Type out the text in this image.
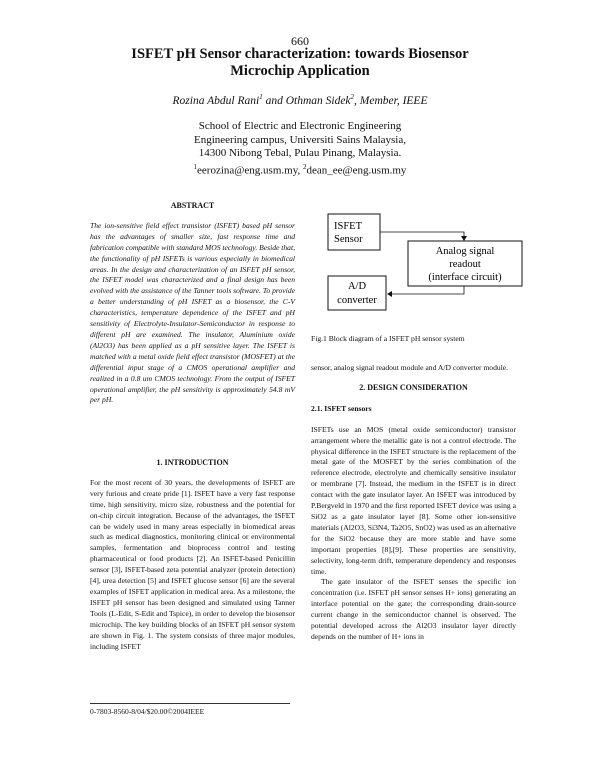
660
ISFET pH Sensor characterization: towards Biosensor Microchip Application
Rozina Abdul Rani$^1$ and Othman Sidek$^2$, Member, IEEE
School of Electric and Electronic Engineering
Engineering campus, Universiti Sains Malaysia,
14300 Nibong Tebal, Pulau Pinang, Malaysia.
$^1$eerozina@eng.usm.my, $^2$dean_ee@eng.usm.my
ABSTRACT

The ion-sensitive field effect transistor (ISFET) based pH sensor has the advantages of smaller size, fast response time and fabrication compatible with standard MOS technology. Beside that, the functionality of pH ISFETs is various especially in biomedical areas. In the design and characterization of an ISFET pH sensor, the ISFET model was characterized and a final design has been evolved with the assistance of the Tanner tools software. To provide a better understanding of pH ISFET as a biosensor, the C-V characteristics, temperature dependence of the ISFET and pH sensitivity of Electrolyte-Insulator-Semiconductor in response to different pH are examined. The insulator, Aluminium oxide (Al2O3) has been applied as a pH sensitive layer. The ISFET is matched with a metal oxide field effect transistor (MOSFET) at the differential input stage of a CMOS operational amplifier and realized in a 0.8 um CMOS technology. From the output of ISFET operational amplifier, the pH sensitivity is approximately 54.8 mV per pH.

1. INTRODUCTION

For the most recent of 30 years, the developments of ISFET are very furious and create pride [1]. ISFET have a very fast response time, high sensitivity, micro size, robustness and the potential for on-chip circuit integration. Because of the advantages, the ISFET can be widely used in many areas especially in biomedical areas such as medical diagnostics, monitoring clinical or environmental samples, fermentation and bioprocess control and testing pharmaceutical or food products [2]. An ISFET-based Penicillin sensor [3], ISFET-based zeta potential analyzer (protein detection) [4], urea detection [5] and ISFET glucose sensor [6] are the several examples of ISFET application in medical area. As a milestone, the ISFET pH sensor has been designed and simulated using Tanner Tools (L-Edit, S-Edit and Tspice), in order to develop the biosensor microchip. The key building blocks of an ISFET pH sensor system are shown in Fig. 1. The system consists of three major modules, including ISFET

0-7803-8560-8/04/$20.00©2004IEEE
ISFET
Sensor
Analog signal
readout
(interface circuit)
A/D
converter
Fig.1 Block diagram of a ISFET pH sensor system

sensor, analog signal readout module and A/D converter module.

2. DESIGN CONSIDERATION
2.1. ISFET sensors

ISFETs use an MOS (metal oxide semiconductor) transistor arrangement where the metallic gate is not a control electrode. The physical difference in the ISFET structure is the replacement of the metal gate of the MOSFET by the series combination of the reference electrode, electrolyte and chemically sensitive insulator or membrane [7]. Instead, the medium in the ISFET is in direct contact with the gate insulator layer. An ISFET was introduced by P.Bergveld in 1970 and the first reported ISFET device was using a SiO2 as a gate insulator layer [8]. Some other ion-sensitive materials (Al2O3, Si3N4, Ta2O5, SnO2) was used as an alternative for the SiO2 because they are more stable and have some important properties [8],[9]. These properties are sensitivity, selectivity, long-term drift, temperature dependency and responses time.

The gate insulator of the ISFET senses the specific ion concentration (i.e. ISFET pH sensor senses H+ ions) generating an interface potential on the gate; the corresponding drain-source current change in the semiconductor channel is observed. The potential developed across the Al2O3 insulator layer directly depends on the number of H+ ions in
